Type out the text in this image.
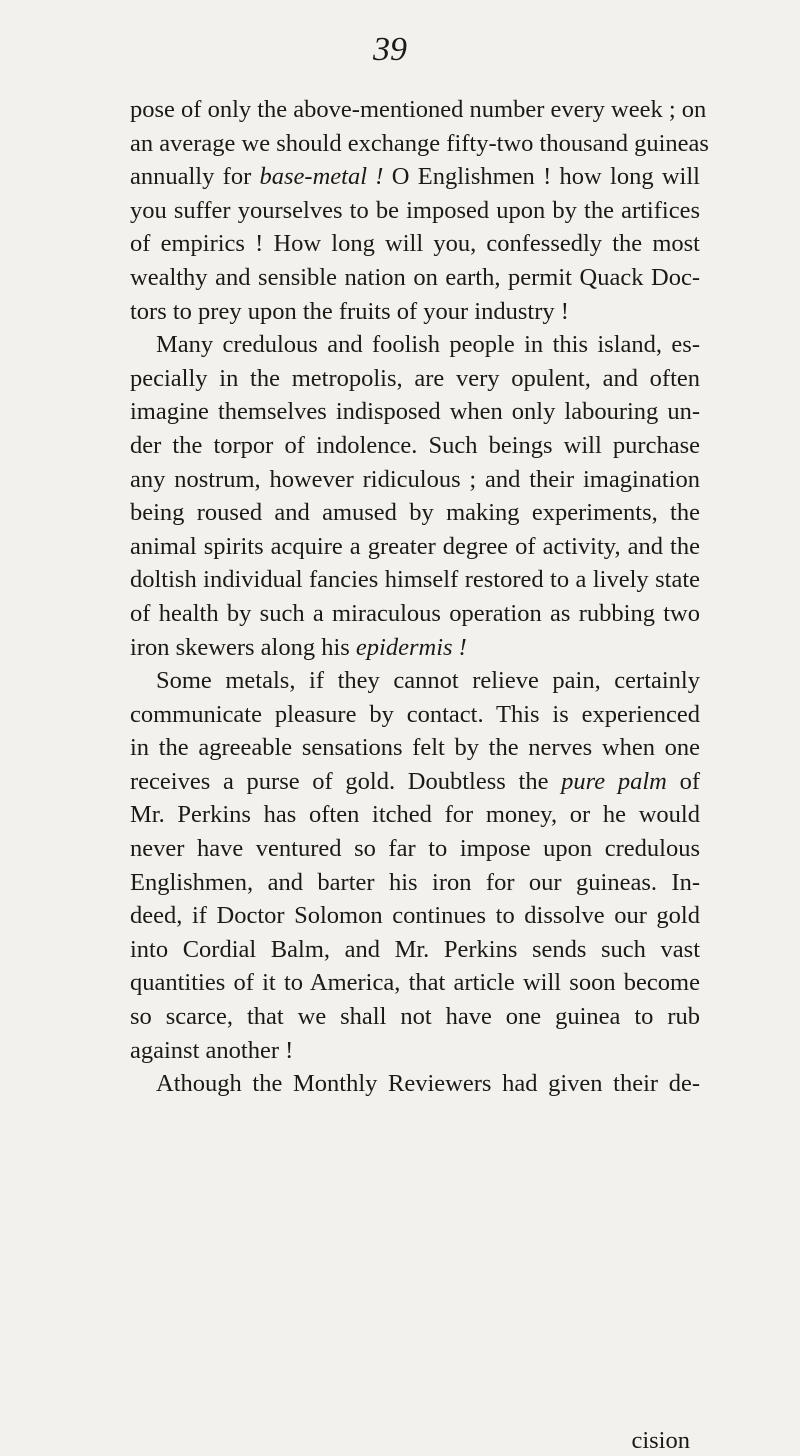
39
pose of only the above-mentioned number every week ; on
an average we should exchange fifty-two thousand guineas
annually for base-metal ! O Englishmen ! how long will
you suffer yourselves to be imposed upon by the artifices
of empirics ! How long will you, confessedly the most
wealthy and sensible nation on earth, permit Quack Doc-
tors to prey upon the fruits of your industry !
Many credulous and foolish people in this island, es-
pecially in the metropolis, are very opulent, and often
imagine themselves indisposed when only labouring un-
der the torpor of indolence. Such beings will purchase
any nostrum, however ridiculous ; and their imagination
being roused and amused by making experiments, the
animal spirits acquire a greater degree of activity, and the
doltish individual fancies himself restored to a lively state
of health by such a miraculous operation as rubbing two
iron skewers along his epidermis !
Some metals, if they cannot relieve pain, certainly
communicate pleasure by contact. This is experienced
in the agreeable sensations felt by the nerves when one
receives a purse of gold. Doubtless the pure palm of
Mr. Perkins has often itched for money, or he would
never have ventured so far to impose upon credulous
Englishmen, and barter his iron for our guineas. In-
deed, if Doctor Solomon continues to dissolve our gold
into Cordial Balm, and Mr. Perkins sends such vast
quantities of it to America, that article will soon become
so scarce, that we shall not have one guinea to rub
against another !
Athough the Monthly Reviewers had given their de-
cision
